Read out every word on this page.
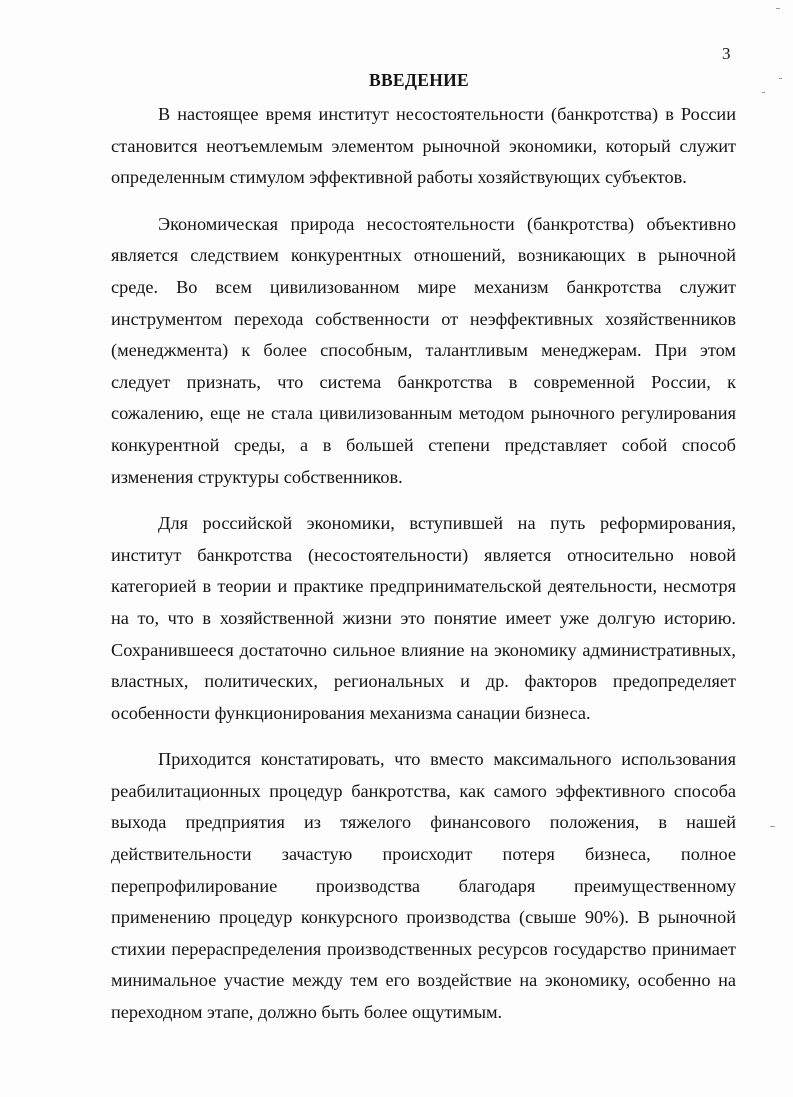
3

ВВЕДЕНИЕ

В настоящее время институт несостоятельности (банкротства) в России становится неотъемлемым элементом рыночной экономики, который служит определенным стимулом эффективной работы хозяйствующих субъектов.

Экономическая природа несостоятельности (банкротства) объективно является следствием конкурентных отношений, возникающих в рыночной среде. Во всем цивилизованном мире механизм банкротства служит инструментом перехода собственности от неэффективных хозяйственников (менеджмента) к более способным, талантливым менеджерам. При этом следует признать, что система банкротства в современной России, к сожалению, еще не стала цивилизованным методом рыночного регулирования конкурентной среды, а в большей степени представляет собой способ изменения структуры собственников.

Для российской экономики, вступившей на путь реформирования, институт банкротства (несостоятельности) является относительно новой категорией в теории и практике предпринимательской деятельности, несмотря на то, что в хозяйственной жизни это понятие имеет уже долгую историю. Сохранившееся достаточно сильное влияние на экономику административных, властных, политических, региональных и др. факторов предопределяет особенности функционирования механизма санации бизнеса.

Приходится констатировать, что вместо максимального использования реабилитационных процедур банкротства, как самого эффективного способа выхода предприятия из тяжелого финансового положения, в нашей действительности зачастую происходит потеря бизнеса, полное перепрофилирование производства благодаря преимущественному применению процедур конкурсного производства (свыше 90%). В рыночной стихии перераспределения производственных ресурсов государство принимает минимальное участие между тем его воздействие на экономику, особенно на переходном этапе, должно быть более ощутимым.
